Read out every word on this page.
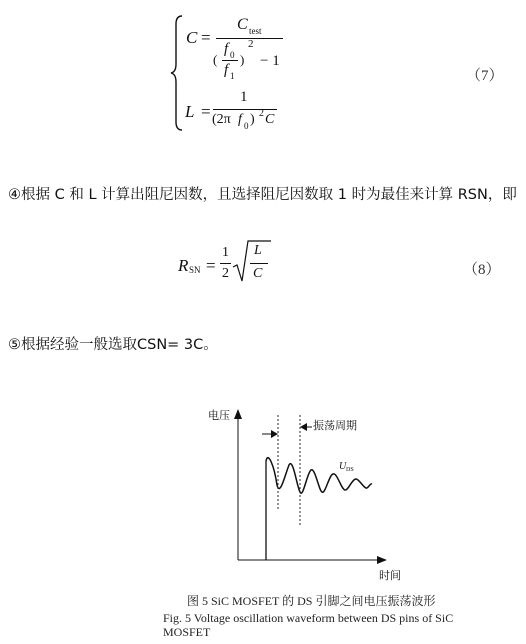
C =
C test
(
f 0
f 1
)
2
− 1
L =
1
(2π f 0 ) 2 C
（7）
④根据 C 和 L 计算出阻尼因数，且选择阻尼因数取 1 时为最佳来计算 RSN，即
R SN =
1
2
L
C	（8）
⑤根据经验一般选取CSN= 3C。
电压
振荡周期
U DS
时间
图 5 SiC MOSFET 的 DS 引脚之间电压振荡波形
Fig. 5 Voltage oscillation waveform between DS pins of SiC
MOSFET
